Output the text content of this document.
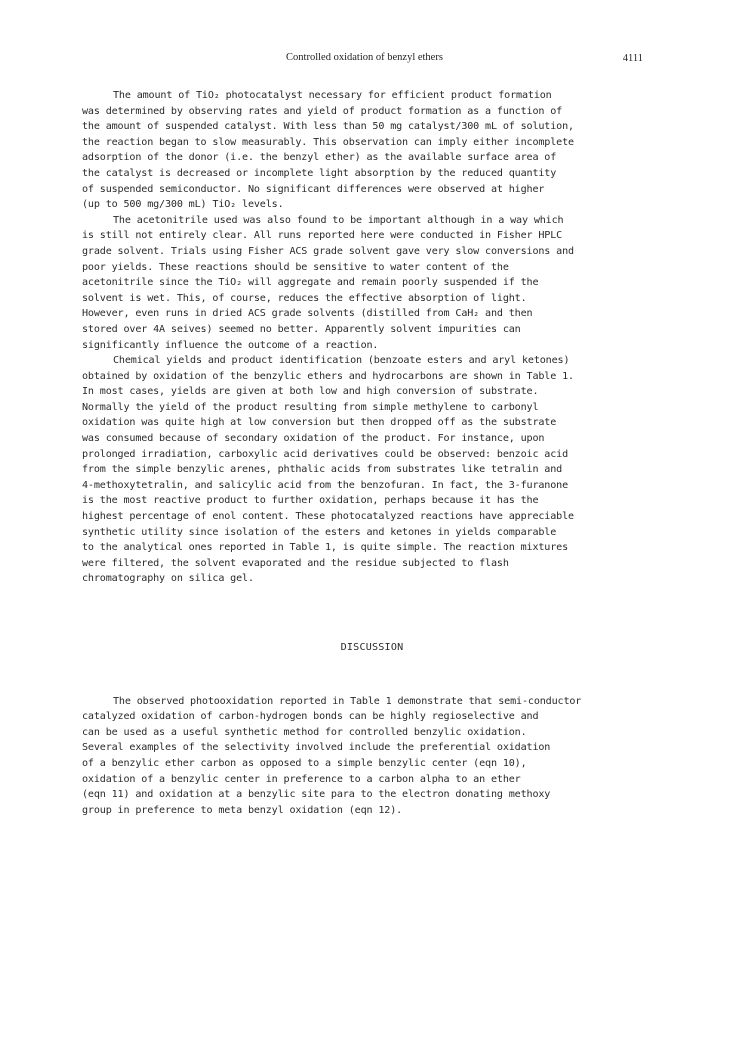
Controlled oxidation of benzyl ethers	4111
The amount of TiO₂ photocatalyst necessary for efficient product formation
was determined by observing rates and yield of product formation as a function of
the amount of suspended catalyst. With less than 50 mg catalyst/300 mL of solution,
the reaction began to slow measurably. This observation can imply either incomplete
adsorption of the donor (i.e. the benzyl ether) as the available surface area of
the catalyst is decreased or incomplete light absorption by the reduced quantity
of suspended semiconductor. No significant differences were observed at higher
(up to 500 mg/300 mL) TiO₂ levels.
The acetonitrile used was also found to be important although in a way which
is still not entirely clear. All runs reported here were conducted in Fisher HPLC
grade solvent. Trials using Fisher ACS grade solvent gave very slow conversions and
poor yields. These reactions should be sensitive to water content of the
acetonitrile since the TiO₂ will aggregate and remain poorly suspended if the
solvent is wet. This, of course, reduces the effective absorption of light.
However, even runs in dried ACS grade solvents (distilled from CaH₂ and then
stored over 4A seives) seemed no better. Apparently solvent impurities can
significantly influence the outcome of a reaction.
Chemical yields and product identification (benzoate esters and aryl ketones)
obtained by oxidation of the benzylic ethers and hydrocarbons are shown in Table 1.
In most cases, yields are given at both low and high conversion of substrate.
Normally the yield of the product resulting from simple methylene to carbonyl
oxidation was quite high at low conversion but then dropped off as the substrate
was consumed because of secondary oxidation of the product. For instance, upon
prolonged irradiation, carboxylic acid derivatives could be observed: benzoic acid
from the simple benzylic arenes, phthalic acids from substrates like tetralin and
4-methoxytetralin, and salicylic acid from the benzofuran. In fact, the 3-furanone
is the most reactive product to further oxidation, perhaps because it has the
highest percentage of enol content. These photocatalyzed reactions have appreciable
synthetic utility since isolation of the esters and ketones in yields comparable
to the analytical ones reported in Table 1, is quite simple. The reaction mixtures
were filtered, the solvent evaporated and the residue subjected to flash
chromatography on silica gel.
DISCUSSION
The observed photooxidation reported in Table 1 demonstrate that semi-conductor
catalyzed oxidation of carbon-hydrogen bonds can be highly regioselective and
can be used as a useful synthetic method for controlled benzylic oxidation.
Several examples of the selectivity involved include the preferential oxidation
of a benzylic ether carbon as opposed to a simple benzylic center (eqn 10),
oxidation of a benzylic center in preference to a carbon alpha to an ether
(eqn 11) and oxidation at a benzylic site para to the electron donating methoxy
group in preference to meta benzyl oxidation (eqn 12).
